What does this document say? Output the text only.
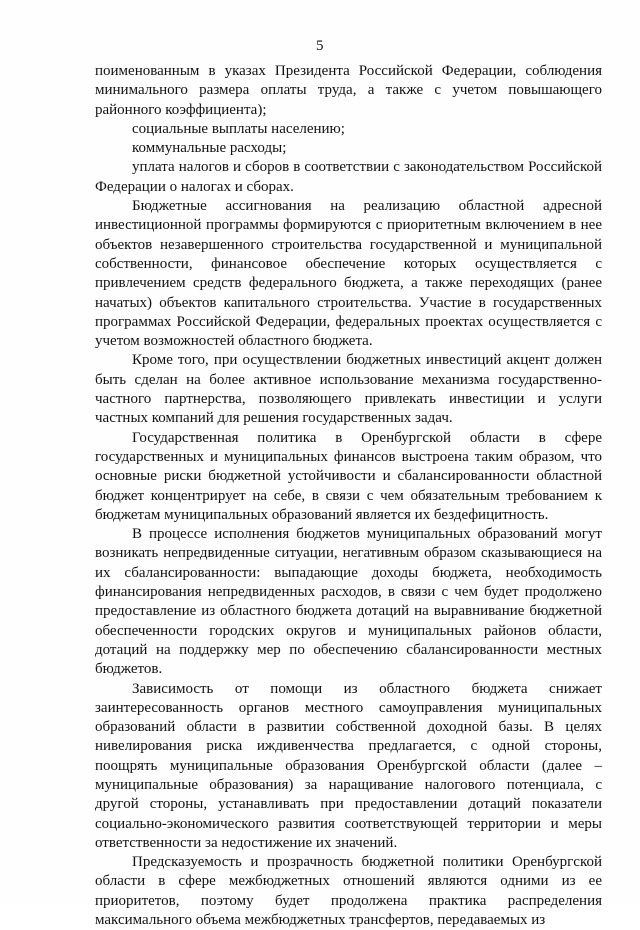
5

поименованным в указах Президента Российской Федерации, соблюдения минимального размера оплаты труда, а также с учетом повышающего районного коэффициента);

социальные выплаты населению;

коммунальные расходы;

уплата налогов и сборов в соответствии с законодательством Российской Федерации о налогах и сборах.

Бюджетные ассигнования на реализацию областной адресной инвестиционной программы формируются с приоритетным включением в нее объектов незавершенного строительства государственной и муниципальной собственности, финансовое обеспечение которых осуществляется с привлечением средств федерального бюджета, а также переходящих (ранее начатых) объектов капитального строительства. Участие в государственных программах Российской Федерации, федеральных проектах осуществляется с учетом возможностей областного бюджета.

Кроме того, при осуществлении бюджетных инвестиций акцент должен быть сделан на более активное использование механизма государственно-частного партнерства, позволяющего привлекать инвестиции и услуги частных компаний для решения государственных задач.

Государственная политика в Оренбургской области в сфере государственных и муниципальных финансов выстроена таким образом, что основные риски бюджетной устойчивости и сбалансированности областной бюджет концентрирует на себе, в связи с чем обязательным требованием к бюджетам муниципальных образований является их бездефицитность.

В процессе исполнения бюджетов муниципальных образований могут возникать непредвиденные ситуации, негативным образом сказывающиеся на их сбалансированности: выпадающие доходы бюджета, необходимость финансирования непредвиденных расходов, в связи с чем будет продолжено предоставление из областного бюджета дотаций на выравнивание бюджетной обеспеченности городских округов и муниципальных районов области, дотаций на поддержку мер по обеспечению сбалансированности местных бюджетов.

Зависимость от помощи из областного бюджета снижает заинтересованность органов местного самоуправления муниципальных образований области в развитии собственной доходной базы. В целях нивелирования риска иждивенчества предлагается, с одной стороны, поощрять муниципальные образования Оренбургской области (далее – муниципальные образования) за наращивание налогового потенциала, с другой стороны, устанавливать при предоставлении дотаций показатели социально-экономического развития соответствующей территории и меры ответственности за недостижение их значений.

Предсказуемость и прозрачность бюджетной политики Оренбургской области в сфере межбюджетных отношений являются одними из ее приоритетов, поэтому будет продолжена практика распределения максимального объема межбюджетных трансфертов, передаваемых из
